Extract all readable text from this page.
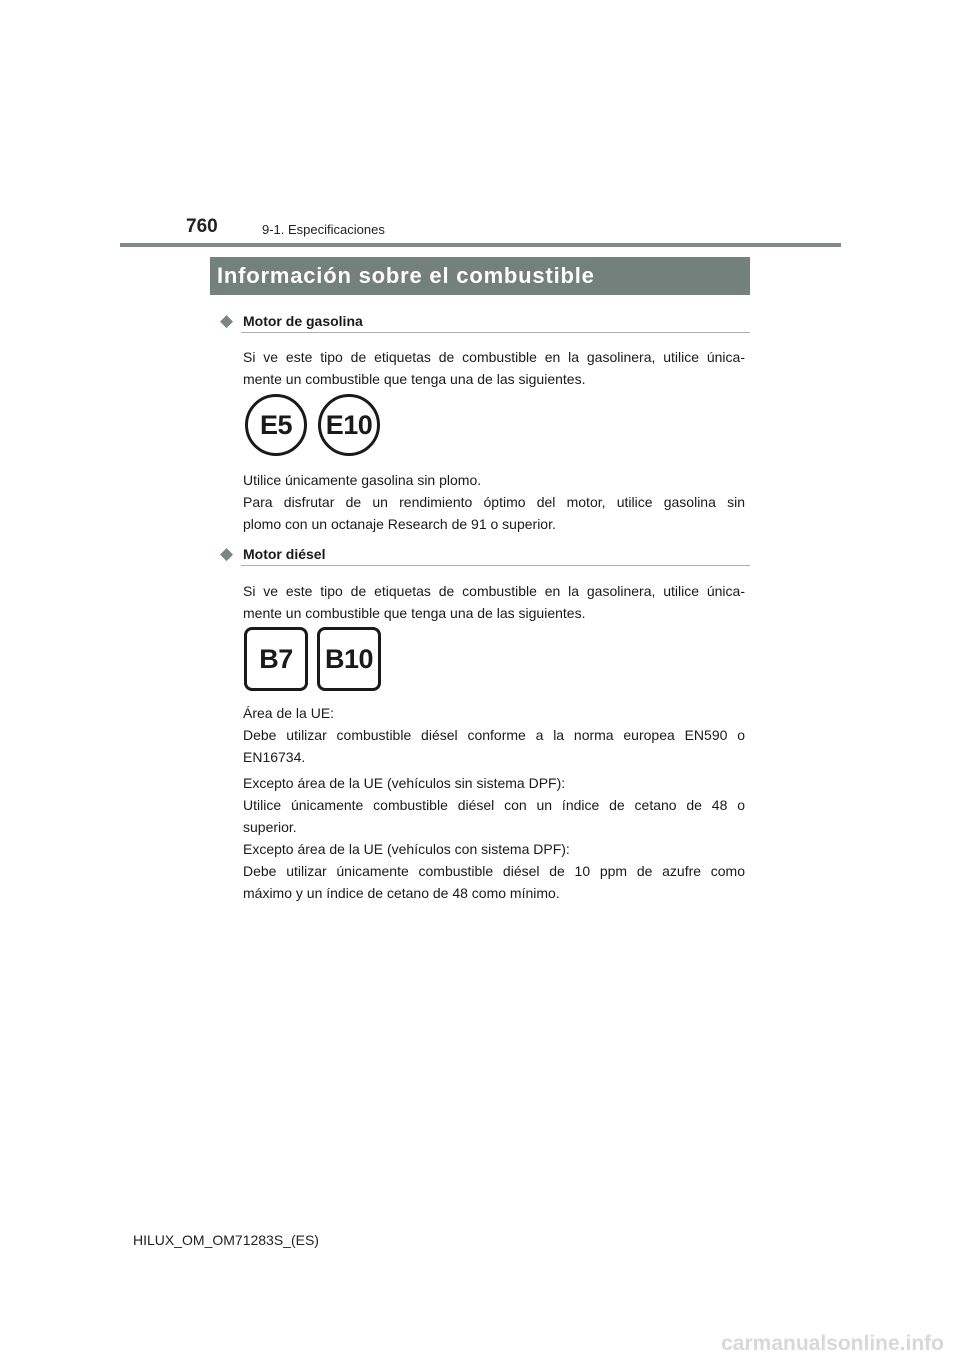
760	9-1. Especificaciones
Información sobre el combustible
◆ Motor de gasolina

Si ve este tipo de etiquetas de combustible en la gasolinera, utilice única-
mente un combustible que tenga una de las siguientes.

E5	E10

Utilice únicamente gasolina sin plomo.
Para disfrutar de un rendimiento óptimo del motor, utilice gasolina sin
plomo con un octanaje Research de 91 o superior.

◆ Motor diésel

Si ve este tipo de etiquetas de combustible en la gasolinera, utilice única-
mente un combustible que tenga una de las siguientes.

B7	B10

Área de la UE:
Debe utilizar combustible diésel conforme a la norma europea EN590 o
EN16734.

Excepto área de la UE (vehículos sin sistema DPF):
Utilice únicamente combustible diésel con un índice de cetano de 48 o
superior.

Excepto área de la UE (vehículos con sistema DPF):
Debe utilizar únicamente combustible diésel de 10 ppm de azufre como
máximo y un índice de cetano de 48 como mínimo.

HILUX_OM_OM71283S_(ES)
carmanualsonline.info
